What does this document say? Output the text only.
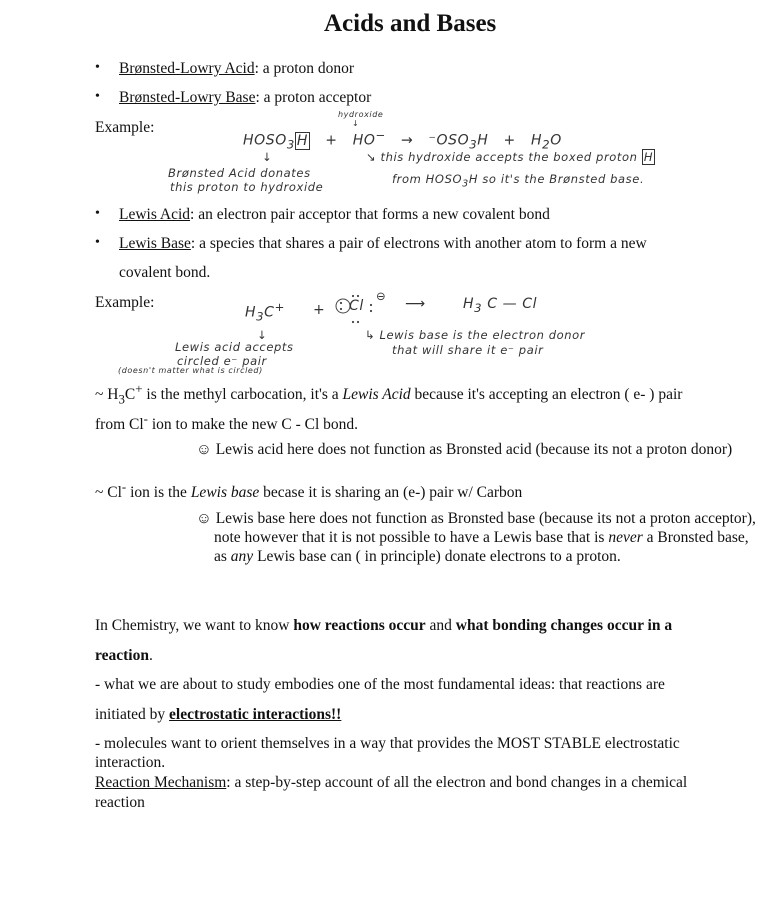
Acids and Bases
• Brønsted-Lowry Acid: a proton donor
• Brønsted-Lowry Base: a proton acceptor
Example:
hydroxide
↓
$HOSO_3$ $H + HO^- \to ^-OSO_3H + H_2O$
↓
Brønsted Acid donates
this proton to hydroxide
↘ this hydroxide accepts the boxed proton H
from $HOSO_3H$ so it's the Brønsted base.
• Lewis Acid: an electron pair acceptor that forms a new covalent bond
• Lewis Base: a species that shares a pair of electrons with another atom to form a new
covalent bond.
Example:
$H_3C^+ + Cl$
⊖ ⟶	$H_3$ C — Cl
↓
Lewis acid accepts
circled e⁻ pair
(doesn't matter what is circled)
↳ Lewis base is the electron donor
that will share it e⁻ pair
~ $H_3C^+$ is the methyl carbocation, it's a Lewis Acid because it's accepting an electron ( e- ) pair
from Cl- ion to make the new C - Cl bond.
☺ Lewis acid here does not function as Bronsted acid (because its not a proton donor)
~ Cl- ion is the Lewis base becase it is sharing an (e-) pair w/ Carbon
☺ Lewis base here does not function as Bronsted base (because its not a proton acceptor), note however that it is not possible to have a Lewis base that is never a Bronsted base, as any Lewis base can ( in principle) donate electrons to a proton.
In Chemistry, we want to know how reactions occur and what bonding changes occur in a
reaction.
- what we are about to study embodies one of the most fundamental ideas: that reactions are
initiated by electrostatic interactions!!
- molecules want to orient themselves in a way that provides the MOST STABLE electrostatic
interaction.
Reaction Mechanism: a step-by-step account of all the electron and bond changes in a chemical
reaction
